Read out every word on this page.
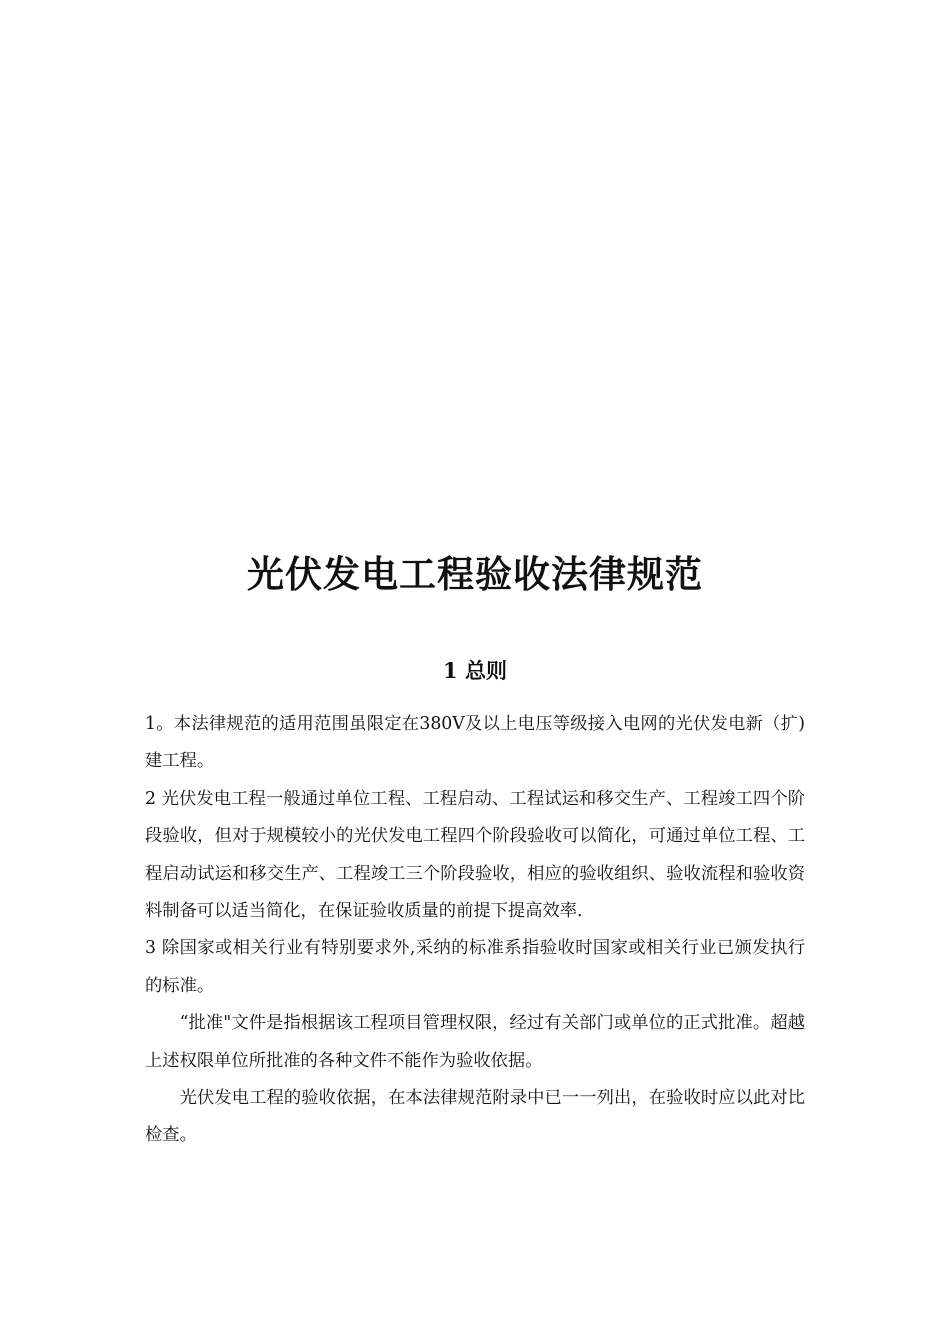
光伏发电工程验收法律规范
1 总则

1。本法律规范的适用范围虽限定在380V及以上电压等级接入电网的光伏发电新（扩)建工程。

2 光伏发电工程一般通过单位工程、工程启动、工程试运和移交生产、工程竣工四个阶段验收，但对于规模较小的光伏发电工程四个阶段验收可以简化，可通过单位工程、工程启动试运和移交生产、工程竣工三个阶段验收，相应的验收组织、验收流程和验收资料制备可以适当简化，在保证验收质量的前提下提高效率.

3 除国家或相关行业有特别要求外,采纳的标准系指验收时国家或相关行业已颁发执行的标准。

“批准"文件是指根据该工程项目管理权限，经过有关部门或单位的正式批准。超越上述权限单位所批准的各种文件不能作为验收依据。

光伏发电工程的验收依据，在本法律规范附录中已一一列出，在验收时应以此对比检查。
